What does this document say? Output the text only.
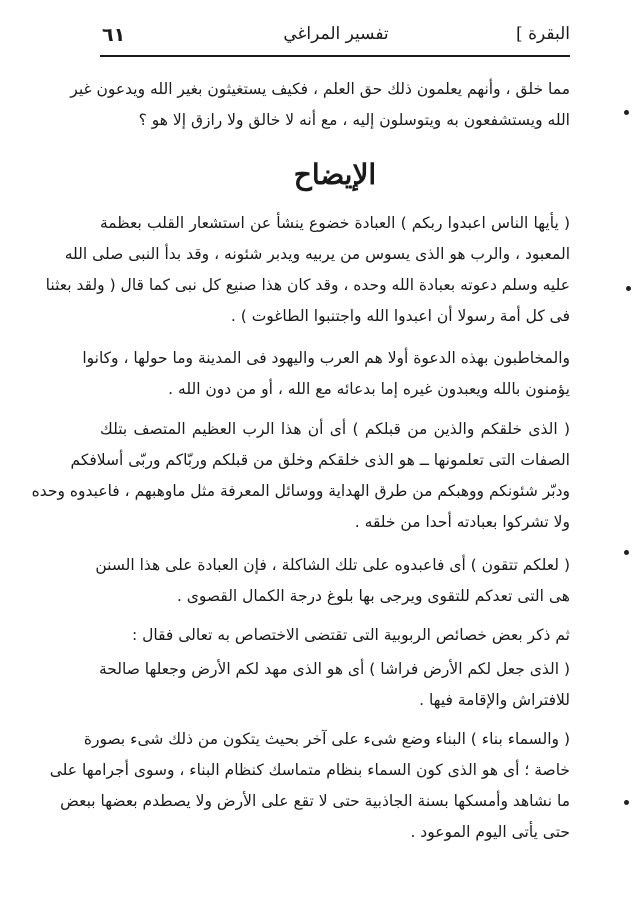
٦١	تفسير المراغي	البقرة ]
مما خلق ، وأنهم يعلمون ذلك حق العلم ، فكيف يستغيثون بغير الله ويدعون غير
الله ويستشفعون به ويتوسلون إليه ، مع أنه لا خالق ولا رازق إلا هو ؟
الإيضاح
( يأيها الناس اعبدوا ربكم ) العبادة خضوع ينشأ عن استشعار القلب بعظمة
المعبود ، والرب هو الذى يسوس من يربيه ويدبر شئونه ، وقد بدأ النبى صلى الله
عليه وسلم دعوته بعبادة الله وحده ، وقد كان هذا صنيع كل نبى كما قال ( ولقد بعثنا
فى كل أمة رسولا أن اعبدوا الله واجتنبوا الطاغوت ) .
والمخاطبون بهذه الدعوة أولا هم العرب واليهود فى المدينة وما حولها ، وكانوا
يؤمنون بالله ويعبدون غيره إما بدعائه مع الله ، أو من دون الله .
( الذى خلقكم والذين من قبلكم ) أى أن هذا الرب العظيم المتصف بتلك
الصفات التى تعلمونها ــ هو الذى خلقكم وخلق من قبلكم وربّاكم وربّى أسلافكم
ودبّر شئونكم ووهبكم من طرق الهداية ووسائل المعرفة مثل ماوهبهم ، فاعبدوه وحده
ولا تشركوا بعبادته أحدا من خلقه .
( لعلكم تتقون ) أى فاعبدوه على تلك الشاكلة ، فإن العبادة على هذا السنن
هى التى تعدكم للتقوى ويرجى بها بلوغ درجة الكمال القصوى .
ثم ذكر بعض خصائص الربوبية التى تقتضى الاختصاص به تعالى فقال :
( الذى جعل لكم الأرض فراشا ) أى هو الذى مهد لكم الأرض وجعلها صالحة
للافتراش والإقامة فيها .
( والسماء بناء ) البناء وضع شىء على آخر بحيث يتكون من ذلك شىء بصورة
خاصة ؛ أى هو الذى كون السماء بنظام متماسك كنظام البناء ، وسوى أجرامها على
ما نشاهد وأمسكها بسنة الجاذبية حتى لا تقع على الأرض ولا يصطدم بعضها ببعض
حتى يأتى اليوم الموعود .
